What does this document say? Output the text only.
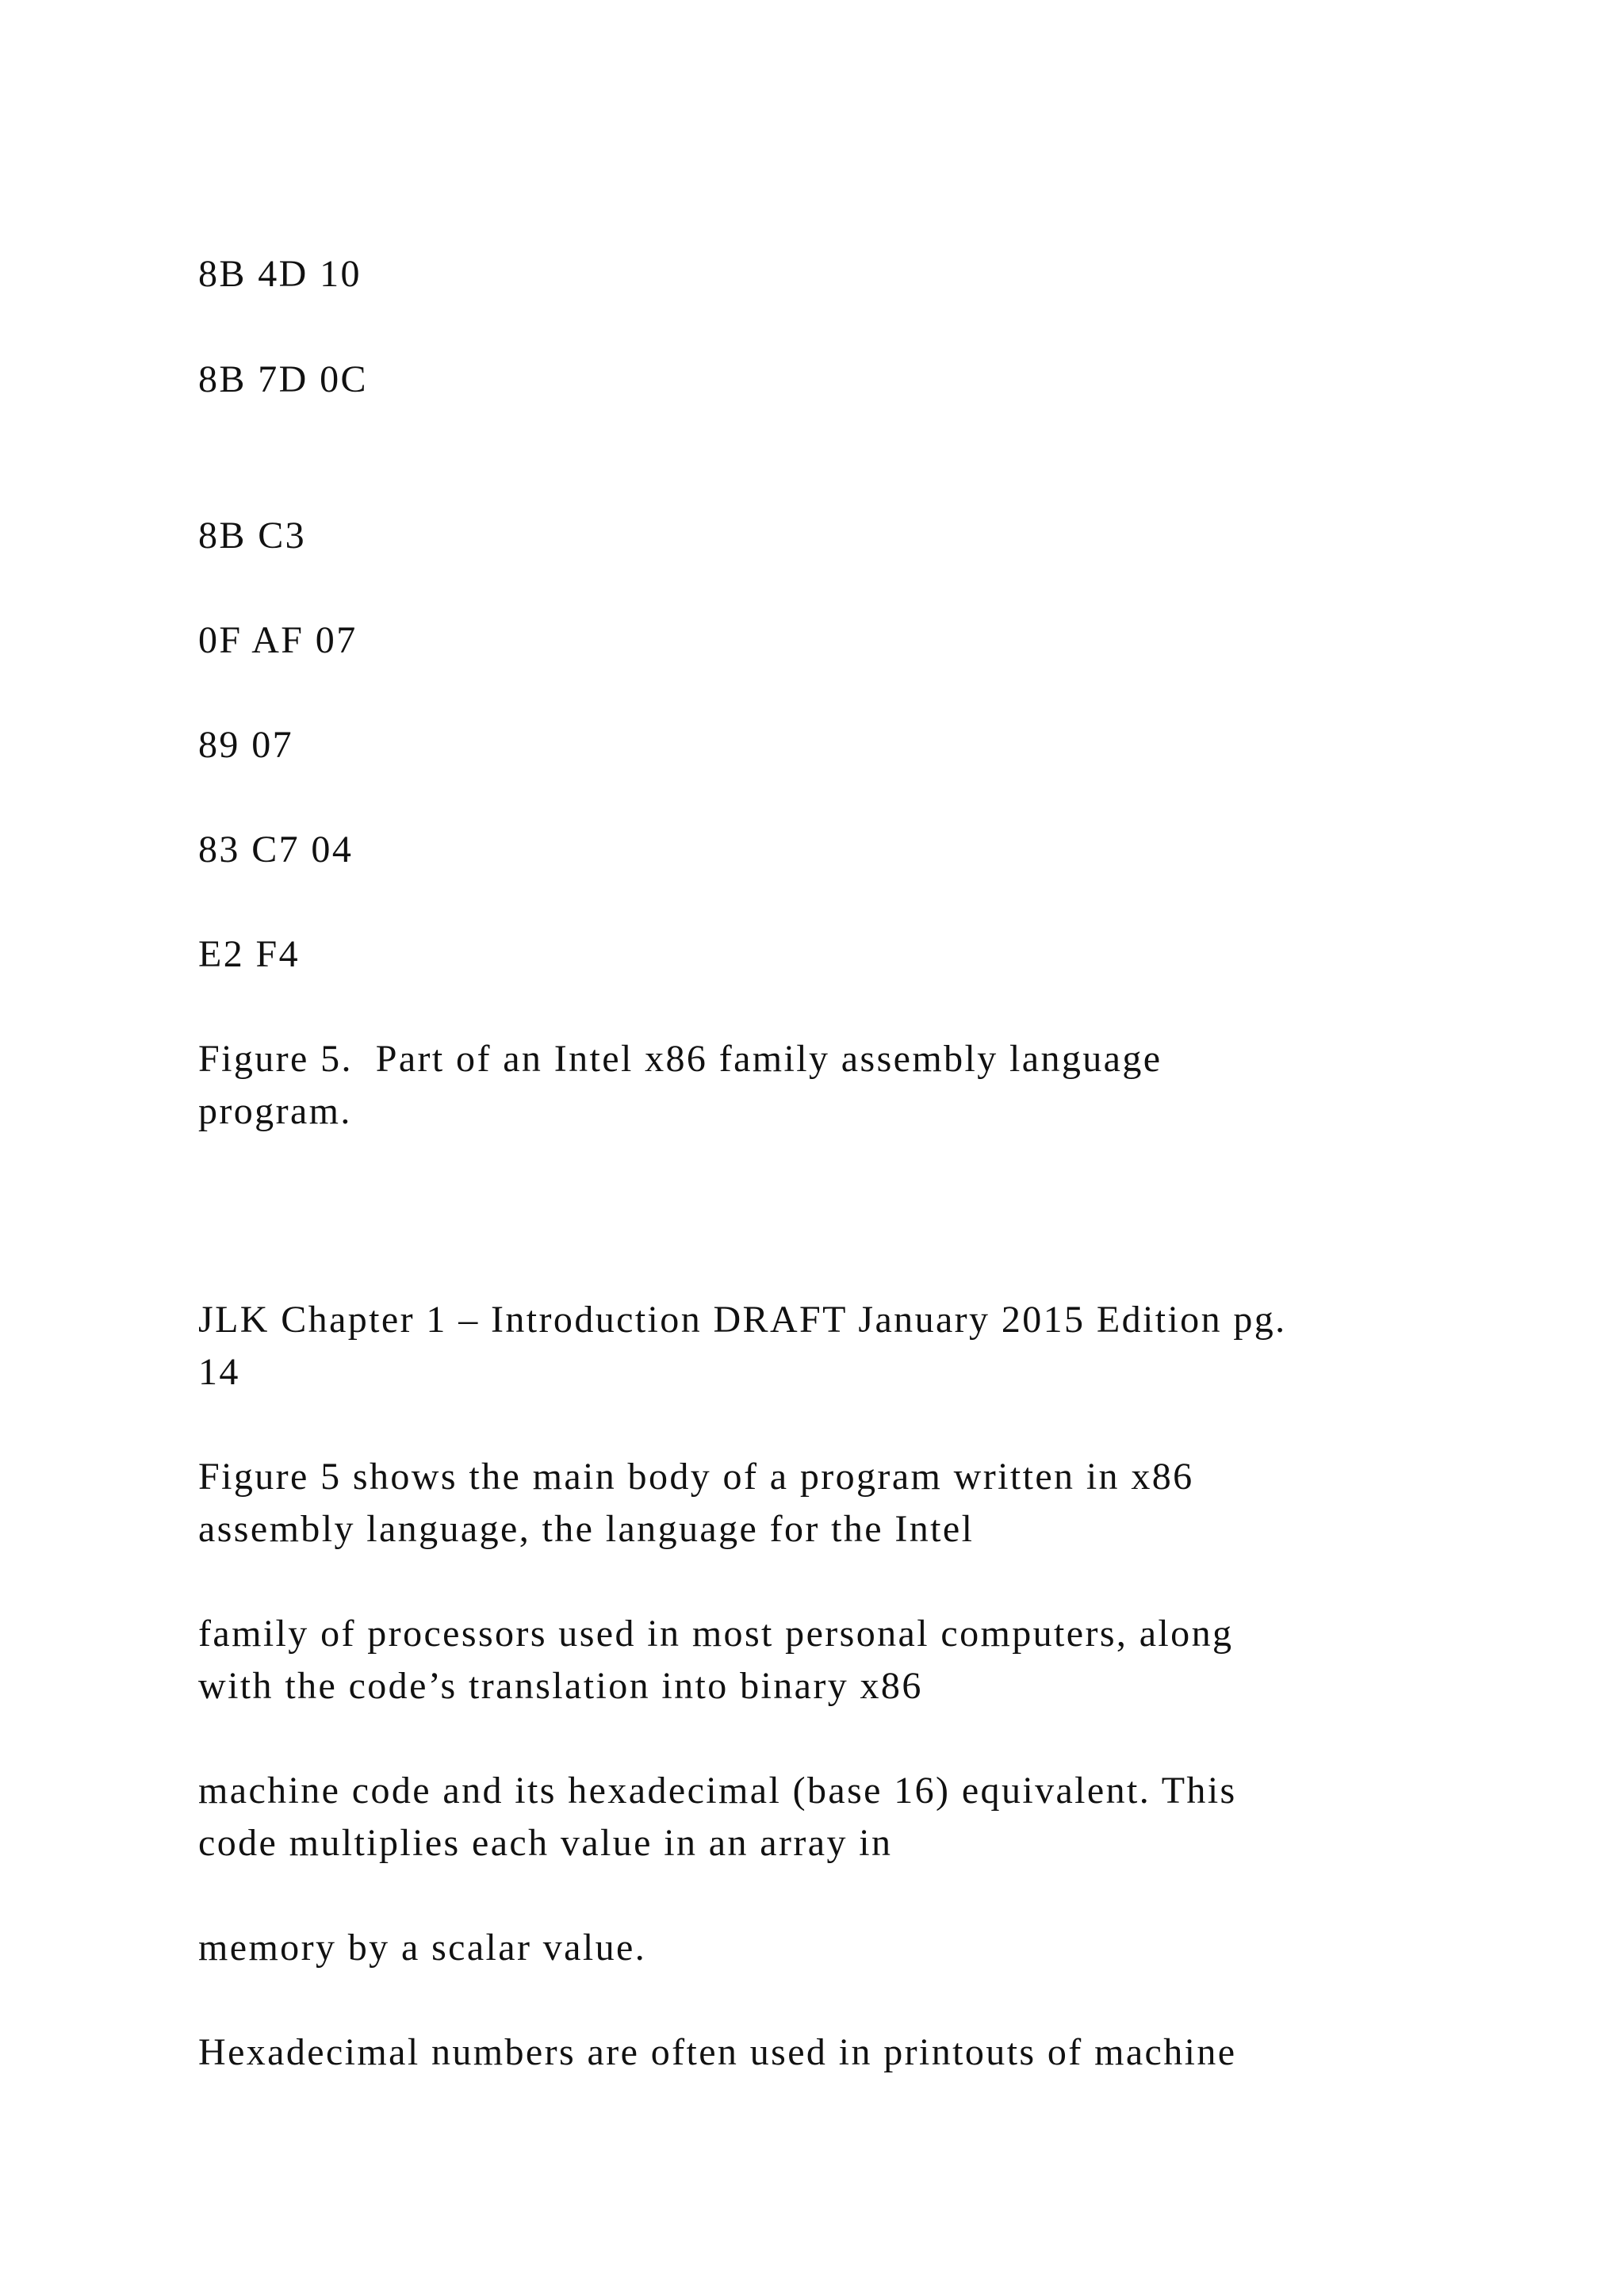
8B 4D 10
8B 7D 0C
8B C3
0F AF 07
89 07
83 C7 04
E2 F4
Figure 5.  Part of an Intel x86 family assembly language
program.
JLK Chapter 1 – Introduction DRAFT January 2015 Edition pg.
14
Figure 5 shows the main body of a program written in x86
assembly language, the language for the Intel
family of processors used in most personal computers, along
with the code’s translation into binary x86
machine code and its hexadecimal (base 16) equivalent. This
code multiplies each value in an array in
memory by a scalar value.
Hexadecimal numbers are often used in printouts of machine
